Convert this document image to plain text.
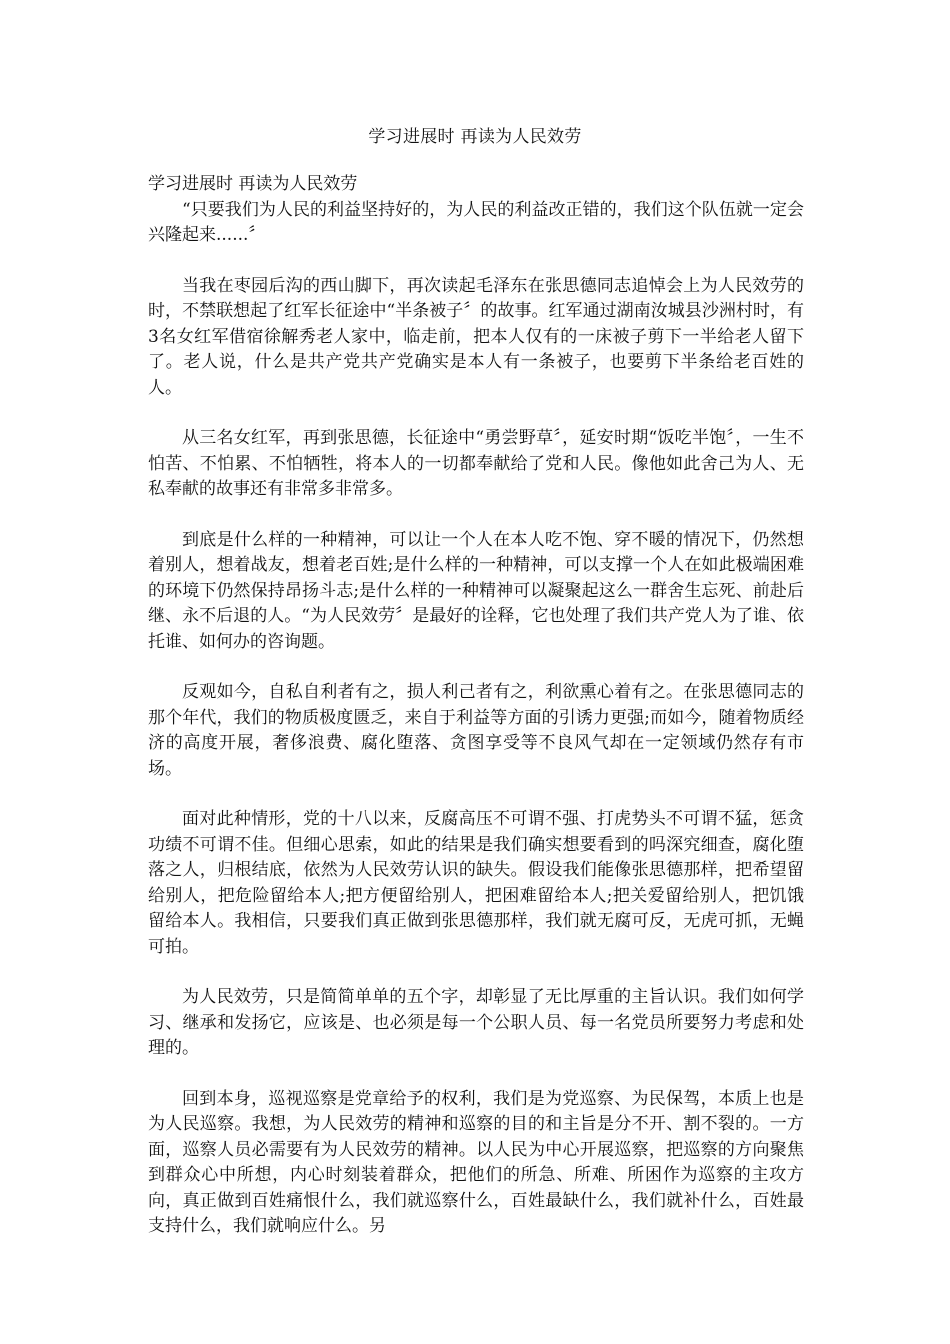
学习进展时 再读为人民效劳

学习进展时 再读为人民效劳

“只要我们为人民的利益坚持好的，为人民的利益改正错的，我们这个队伍就一定会兴隆起来......〞

当我在枣园后沟的西山脚下，再次读起毛泽东在张思德同志追悼会上为人民效劳的时，不禁联想起了红军长征途中“半条被子〞的故事。红军通过湖南汝城县沙洲村时，有3名女红军借宿徐解秀老人家中，临走前，把本人仅有的一床被子剪下一半给老人留下了。老人说，什么是共产党共产党确实是本人有一条被子，也要剪下半条给老百姓的人。

从三名女红军，再到张思德，长征途中“勇尝野草〞，延安时期“饭吃半饱〞，一生不怕苦、不怕累、不怕牺牲，将本人的一切都奉献给了党和人民。像他如此舍己为人、无私奉献的故事还有非常多非常多。

到底是什么样的一种精神，可以让一个人在本人吃不饱、穿不暖的情况下，仍然想着别人，想着战友，想着老百姓;是什么样的一种精神，可以支撑一个人在如此极端困难的环境下仍然保持昂扬斗志;是什么样的一种精神可以凝聚起这么一群舍生忘死、前赴后继、永不后退的人。“为人民效劳〞是最好的诠释，它也处理了我们共产党人为了谁、依托谁、如何办的咨询题。

反观如今，自私自利者有之，损人利己者有之，利欲熏心着有之。在张思德同志的那个年代，我们的物质极度匮乏，来自于利益等方面的引诱力更强;而如今，随着物质经济的高度开展，奢侈浪费、腐化堕落、贪图享受等不良风气却在一定领域仍然存有市场。

面对此种情形，党的十八以来，反腐高压不可谓不强、打虎势头不可谓不猛，惩贪功绩不可谓不佳。但细心思索，如此的结果是我们确实想要看到的吗深究细查，腐化堕落之人，归根结底，依然为人民效劳认识的缺失。假设我们能像张思德那样，把希望留给别人，把危险留给本人;把方便留给别人，把困难留给本人;把关爱留给别人，把饥饿留给本人。我相信，只要我们真正做到张思德那样，我们就无腐可反，无虎可抓，无蝇可拍。

为人民效劳，只是简简单单的五个字，却彰显了无比厚重的主旨认识。我们如何学习、继承和发扬它，应该是、也必须是每一个公职人员、每一名党员所要努力考虑和处理的。

回到本身，巡视巡察是党章给予的权利，我们是为党巡察、为民保驾，本质上也是为人民巡察。我想，为人民效劳的精神和巡察的目的和主旨是分不开、割不裂的。一方面，巡察人员必需要有为人民效劳的精神。以人民为中心开展巡察，把巡察的方向聚焦到群众心中所想，内心时刻装着群众，把他们的所急、所难、所困作为巡察的主攻方向，真正做到百姓痛恨什么，我们就巡察什么，百姓最缺什么，我们就补什么，百姓最支持什么，我们就响应什么。另
